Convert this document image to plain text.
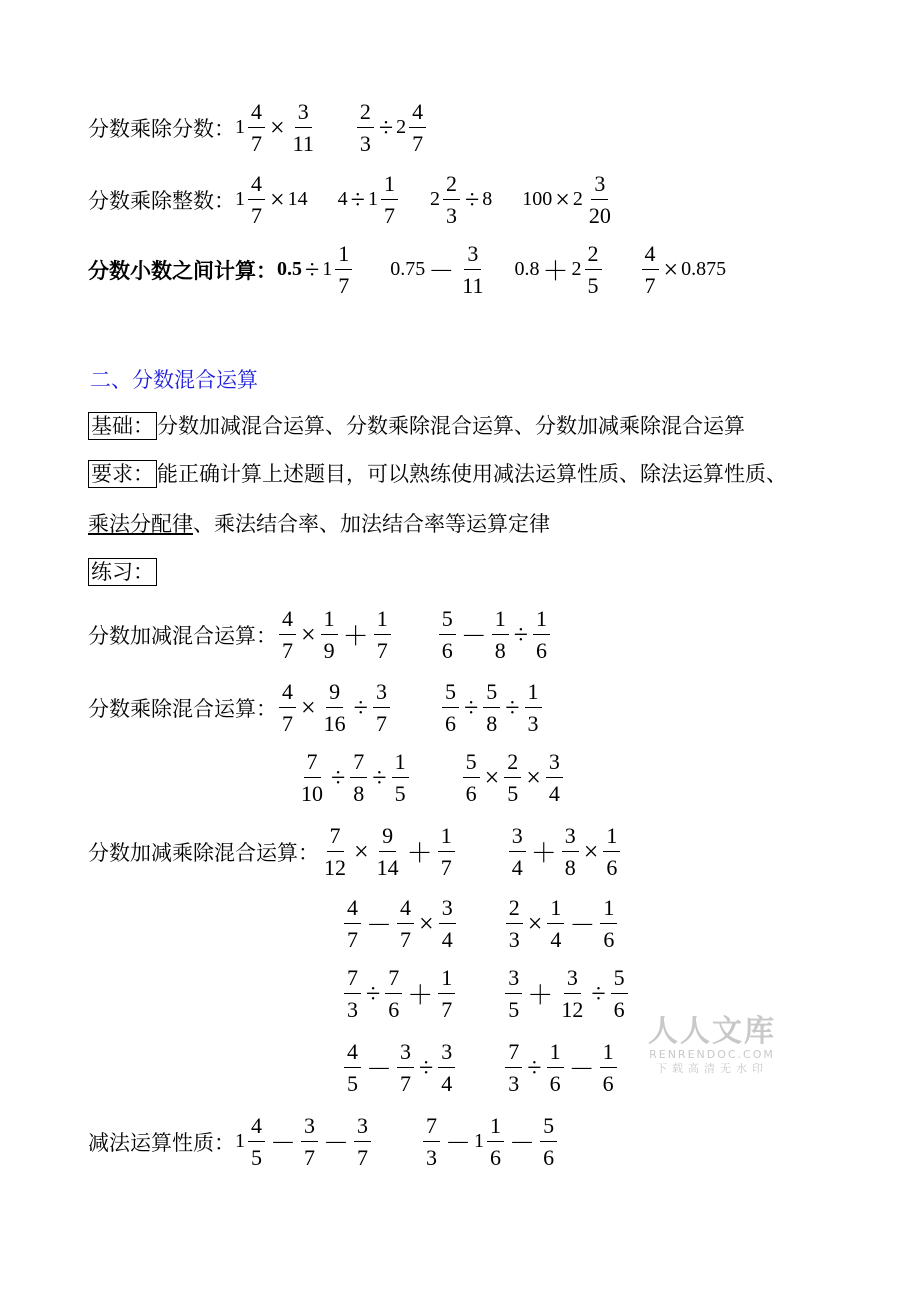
分数乘除分数： $1 \frac{4}{7} \times \frac{3}{11} \frac{2}{3} \div 2 \frac{4}{7}$
分数乘除整数： $1 \frac{4}{7} \times 14$ $4 \div 1 \frac{1}{7} 2 \frac{2}{3} \div 8$ $100 \times 2 \frac{3}{20}$
分数小数之间计算： $0.5 \div 1 \frac{1}{7} 0.75 - \frac{3}{11} 0.8 + 2 \frac{2}{5} \frac{4}{7} \times 0.875$
二、分数混合运算
基础： 分数加减混合运算、分数乘除混合运算、分数加减乘除混合运算
要求： 能正确计算上述题目，可以熟练使用减法运算性质、除法运算性质、
乘法分配律、乘法结合率、加法结合率等运算定律
练习：
分数加减混合运算： $\frac{4}{7} \times \frac{1}{9} + \frac{1}{7} \frac{5}{6} - \frac{1}{8} \div \frac{1}{6}$
分数乘除混合运算： $\frac{4}{7} \times \frac{9}{16} \div \frac{3}{7} \frac{5}{6} \div \frac{5}{8} \div \frac{1}{3}$
$\frac{7}{10} \div \frac{7}{8} \div \frac{1}{5} \frac{5}{6} \times \frac{2}{5} \times \frac{3}{4}$
分数加减乘除混合运算： $\frac{7}{12} \times \frac{9}{14} + \frac{1}{7} \frac{3}{4} + \frac{3}{8} \times \frac{1}{6}$
$\frac{4}{7} - \frac{4}{7} \times \frac{3}{4} \frac{2}{3} \times \frac{1}{4} - \frac{1}{6}$
$\frac{7}{3} \div \frac{7}{6} + \frac{1}{7} \frac{3}{5} + \frac{3}{12} \div \frac{5}{6}$
$\frac{4}{5} - \frac{3}{7} \div \frac{3}{4} \frac{7}{3} \div \frac{1}{6} - \frac{1}{6}$
减法运算性质： $1 \frac{4}{5} - \frac{3}{7} - \frac{3}{7} \frac{7}{3} - 1 \frac{1}{6} - \frac{5}{6}$
人人文库
RENRENDOC.COM
下载高清无水印
